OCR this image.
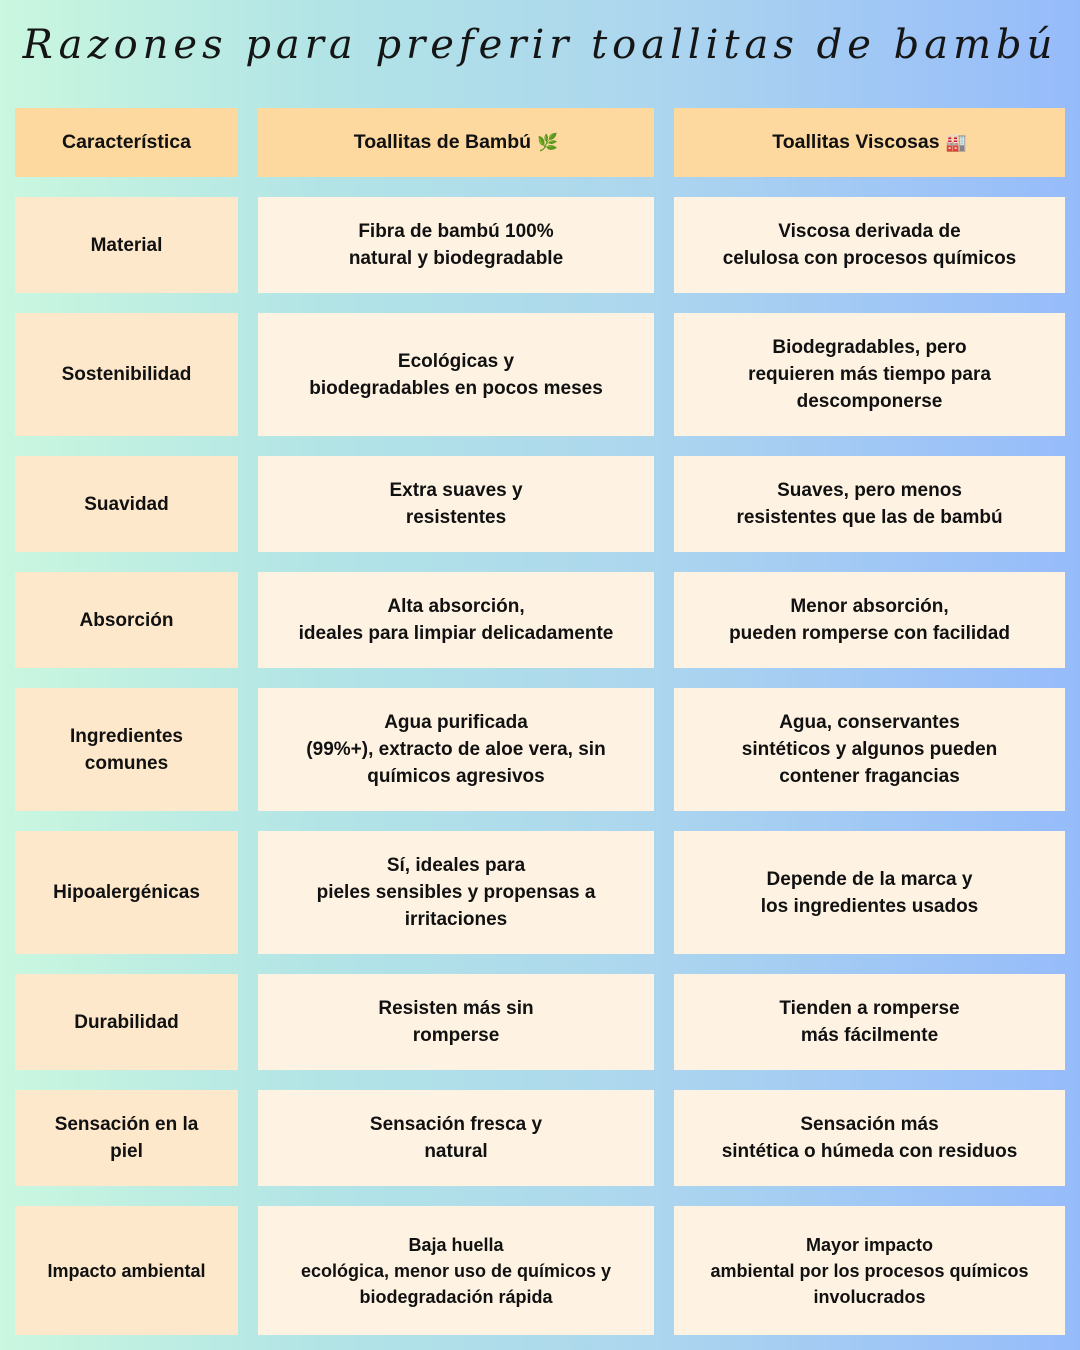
Razones para preferir toallitas de bambú
Característica	Toallitas de Bambú 🌿	Toallitas Viscosas 🏭
Material
Fibra de bambú 100%
natural y biodegradable
Viscosa derivada de
celulosa con procesos químicos
Sostenibilidad
Ecológicas y
biodegradables en pocos meses
Biodegradables, pero
requieren más tiempo para
descomponerse
Suavidad
Extra suaves y
resistentes
Suaves, pero menos
resistentes que las de bambú
Absorción
Alta absorción,
ideales para limpiar delicadamente
Menor absorción,
pueden romperse con facilidad
Ingredientes
comunes
Agua purificada
(99%+), extracto de aloe vera, sin
químicos agresivos
Agua, conservantes
sintéticos y algunos pueden
contener fragancias
Hipoalergénicas
Sí, ideales para
pieles sensibles y propensas a
irritaciones
Depende de la marca y
los ingredientes usados
Durabilidad
Resisten más sin
romperse
Tienden a romperse
más fácilmente
Sensación en la
piel
Sensación fresca y
natural
Sensación más
sintética o húmeda con residuos
Impacto ambiental
Baja huella
ecológica, menor uso de químicos y
biodegradación rápida
Mayor impacto
ambiental por los procesos químicos
involucrados
